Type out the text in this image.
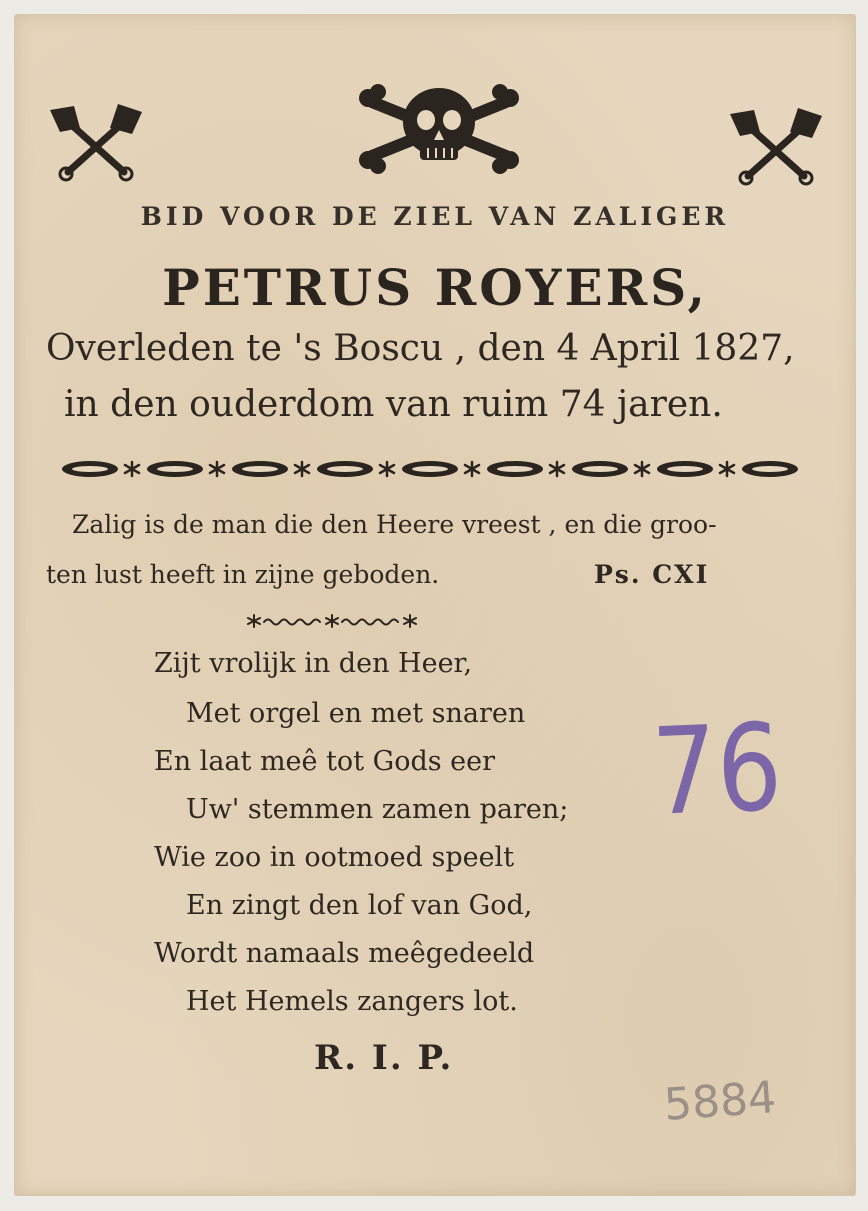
BID VOOR DE ZIEL VAN ZALIGER
PETRUS ROYERS,
Overleden te 's Boscu , den 4 April 1827,
in den ouderdom van ruim 74 jaren.
Zalig is de man die den Heere vreest , en die groo-
ten lust heeft in zijne geboden.	Ps. CXI
Zijt vrolijk in den Heer,
Met orgel en met snaren
En laat meê tot Gods eer
Uw' stemmen zamen paren;
Wie zoo in ootmoed speelt
En zingt den lof van God,
Wordt namaals meêgedeeld
Het Hemels zangers lot.
R. I. P.
76
5884
